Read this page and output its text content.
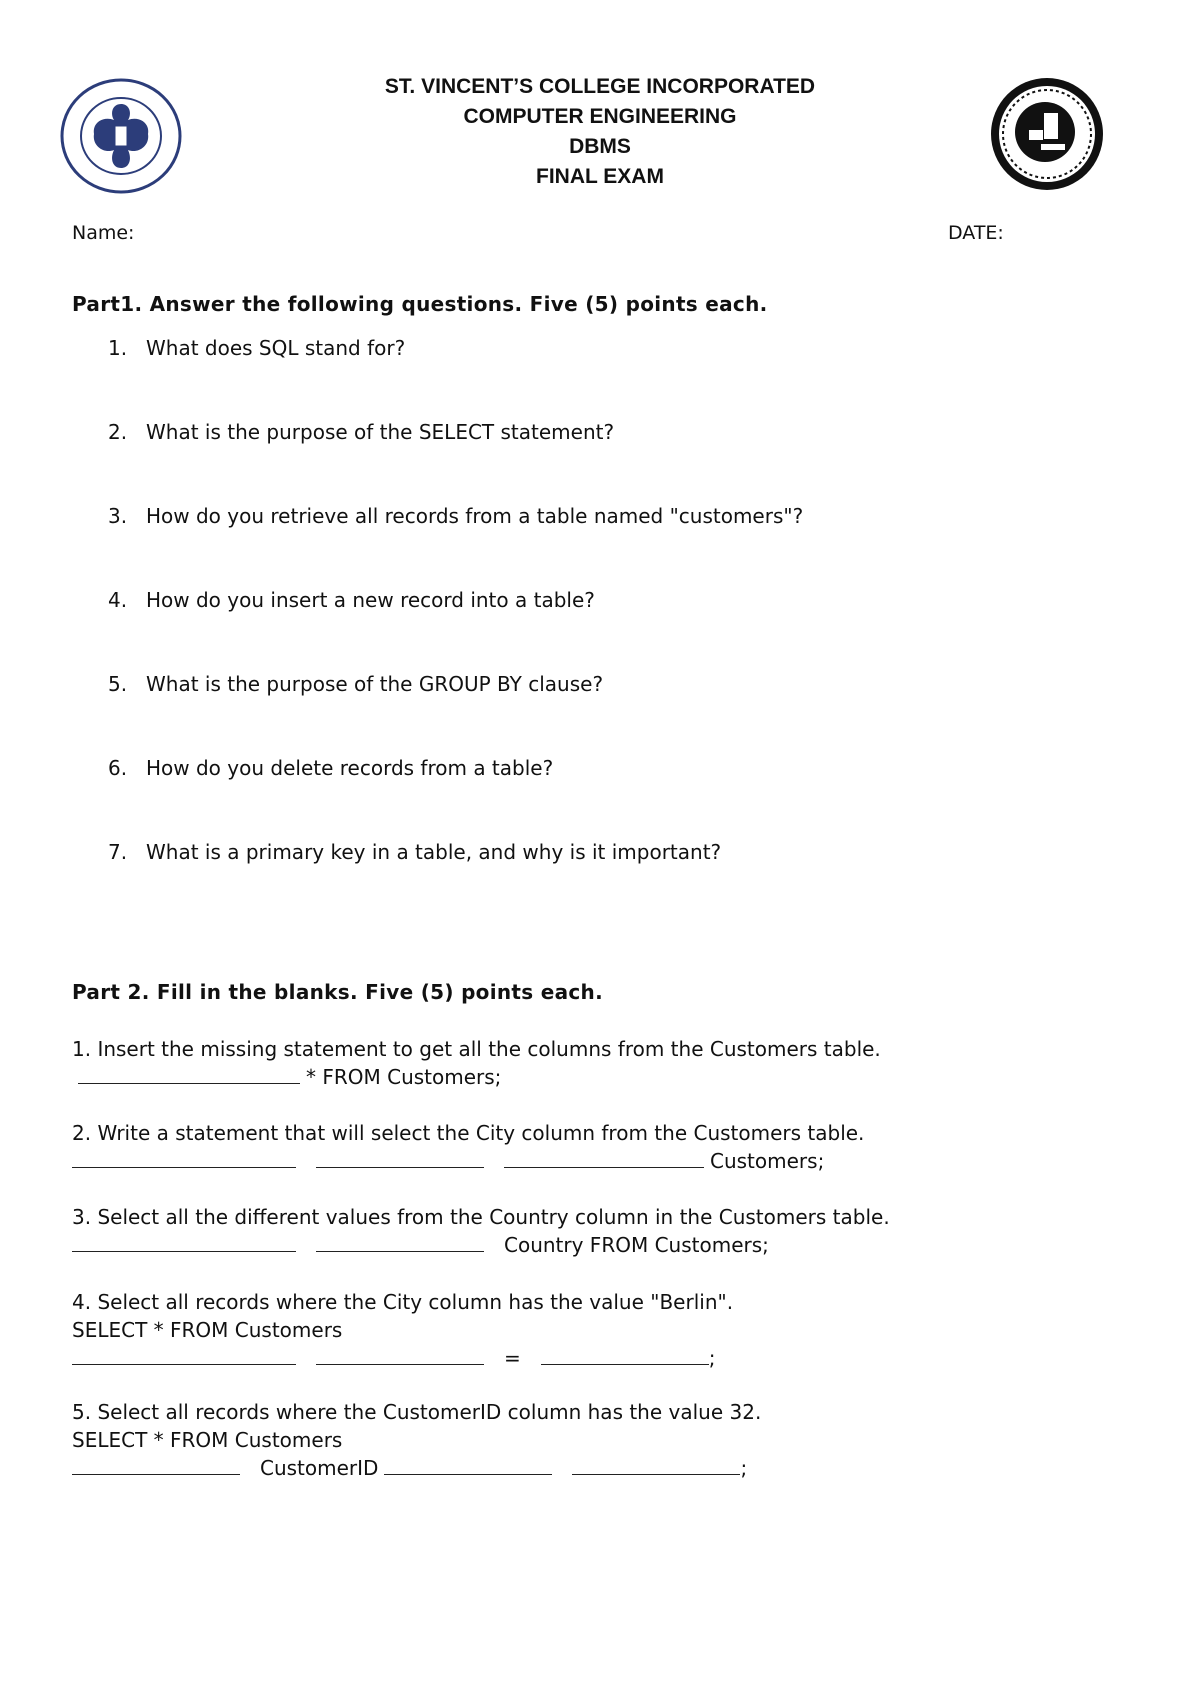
ST. VINCENT’S COLLEGE INCORPORATED
COMPUTER ENGINEERING
DBMS
FINAL EXAM
Name:	DATE:
Part1. Answer the following questions. Five (5) points each.
1. What does SQL stand for?
2. What is the purpose of the SELECT statement?
3. How do you retrieve all records from a table named "customers"?
4. How do you insert a new record into a table?
5. What is the purpose of the GROUP BY clause?
6. How do you delete records from a table?
7. What is a primary key in a table, and why is it important?
Part 2. Fill in the blanks. Five (5) points each.
1. Insert the missing statement to get all the columns from the Customers table.
* FROM Customers;
2. Write a statement that will select the City column from the Customers table.
Customers;
3. Select all the different values from the Country column in the Customers table.
Country FROM Customers;
4. Select all records where the City column has the value "Berlin".
SELECT * FROM Customers
=	;
5. Select all records where the CustomerID column has the value 32.
SELECT * FROM Customers
CustomerID	;
